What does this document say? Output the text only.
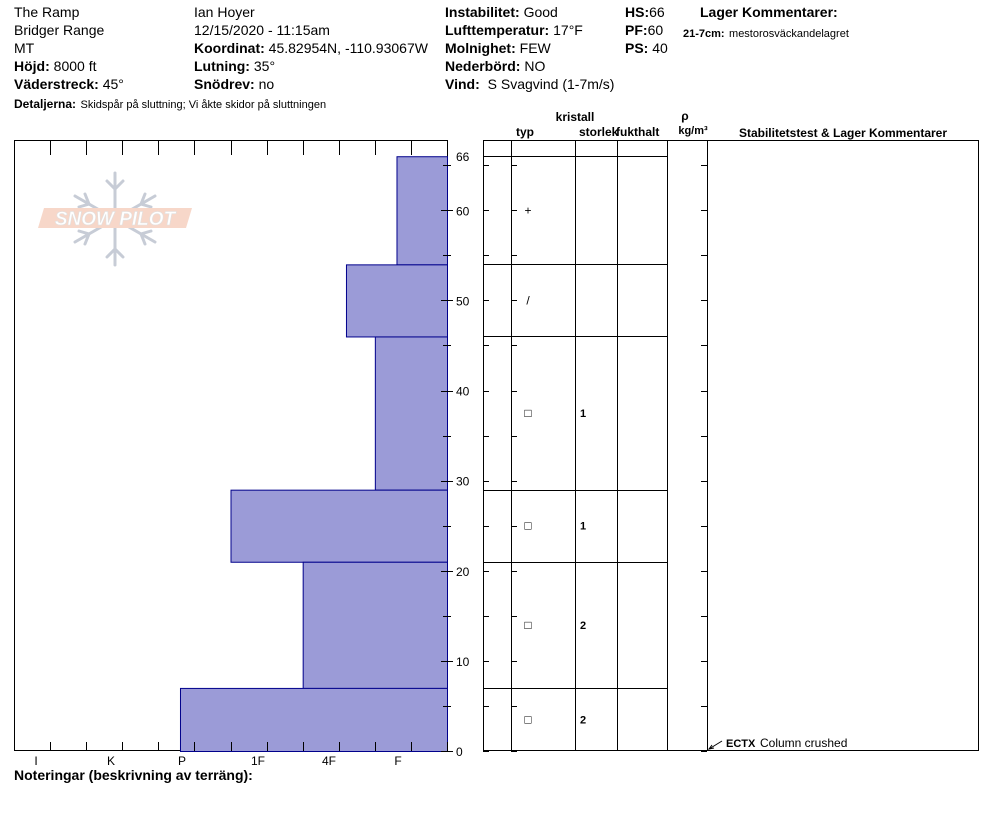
The Ramp
Bridger Range
MT
Höjd: 8000 ft
Väderstreck: 45°
Detaljerna: Skidspår på sluttning; Vi åkte skidor på sluttningen
Ian Hoyer
12/15/2020 - 11:15am
Koordinat: 45.82954N, -110.93067W
Lutning: 35°
Snödrev: no
Instabilitet: Good
Lufttemperatur: 17°F
Molnighet: FEW
Nederbörd: NO
Vind: S Svagvind (1-7m/s)
HS:66
PF:60
PS: 40
Lager Kommentarer:
21-7cm: mestorosväckandelagret
SNOW PILOT
I	K	P	1F	4F	F
0
10
20
30
40
50
60
66
+
/
□	1
□	1
□	2
□	2
kristall
typ	storlek
fukthalt
ρ
kg/m³	Stabilitetstest & Lager Kommentarer
ECTX Column crushed
Noteringar (beskrivning av terräng):
